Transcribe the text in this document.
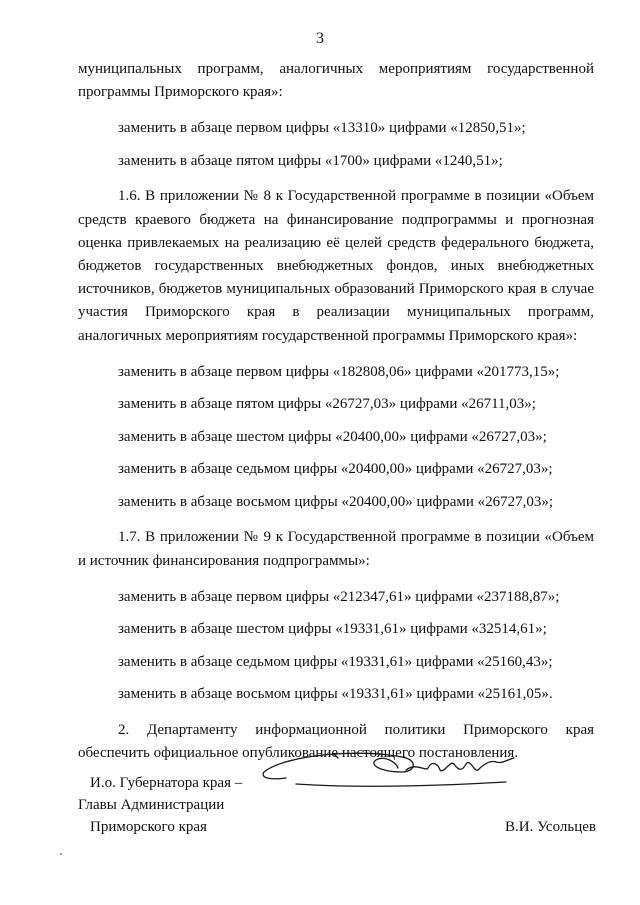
3

муниципальных программ, аналогичных мероприятиям государственной программы Приморского края»:

заменить в абзаце первом цифры «13310» цифрами «12850,51»;

заменить в абзаце пятом цифры «1700» цифрами «1240,51»;

1.6. В приложении № 8 к Государственной программе в позиции «Объем средств краевого бюджета на финансирование подпрограммы и прогнозная оценка привлекаемых на реализацию её целей средств федерального бюджета, бюджетов государственных внебюджетных фондов, иных внебюджетных источников, бюджетов муниципальных образований Приморского края в случае участия Приморского края в реализации муниципальных программ, аналогичных мероприятиям государственной программы Приморского края»:

заменить в абзаце первом цифры «182808,06» цифрами «201773,15»;

заменить в абзаце пятом цифры «26727,03» цифрами «26711,03»;

заменить в абзаце шестом цифры «20400,00» цифрами «26727,03»;

заменить в абзаце седьмом цифры «20400,00» цифрами «26727,03»;

заменить в абзаце восьмом цифры «20400,00» цифрами «26727,03»;

1.7. В приложении № 9 к Государственной программе в позиции «Объем и источник финансирования подпрограммы»:

заменить в абзаце первом цифры «212347,61» цифрами «237188,87»;

заменить в абзаце шестом цифры «19331,61» цифрами «32514,61»;

заменить в абзаце седьмом цифры «19331,61» цифрами «25160,43»;

заменить в абзаце восьмом цифры «19331,61» цифрами «25161,05».

2. Департаменту информационной политики Приморского края обеспечить официальное опубликование настоящего постановления.

И.о. Губернатора края –
Главы Администрации
Приморского края	В.И. Усольцев
